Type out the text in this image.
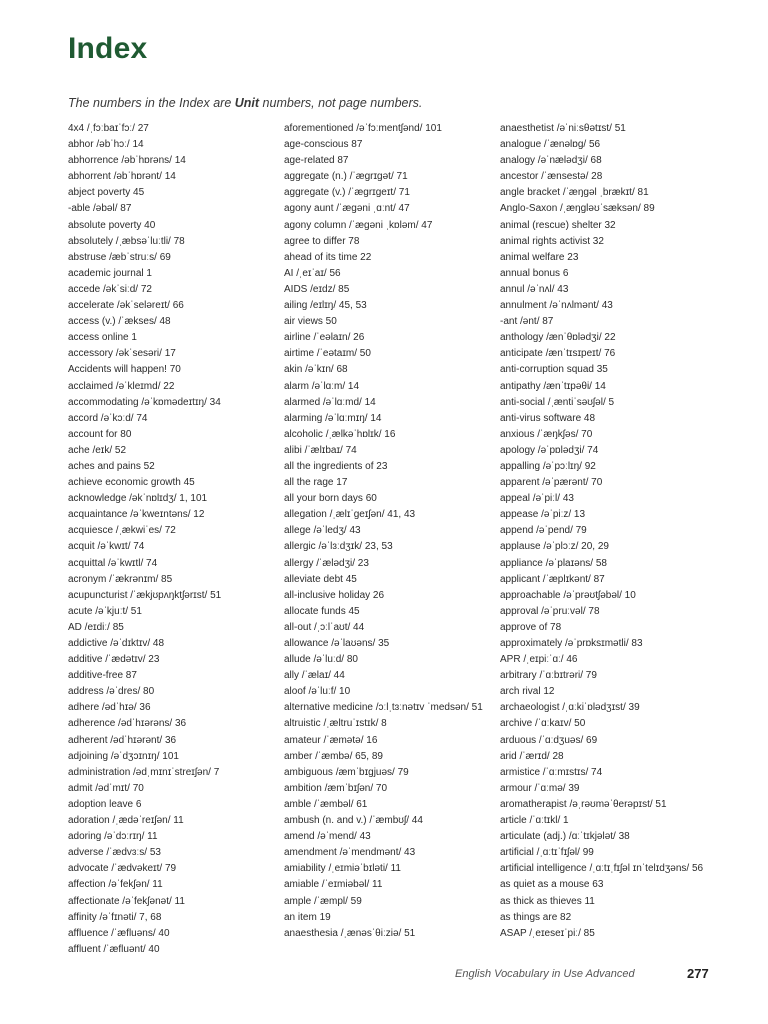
Index
The numbers in the Index are Unit numbers, not page numbers.
4x4 /ˌfɔːbaɪˈfɔː/ 27
abhor /əbˈhɔː/ 14
abhorrence /əbˈhɒrəns/ 14
abhorrent /əbˈhɒrənt/ 14
abject poverty 45
-able /əbəl/ 87
absolute poverty 40
absolutely /ˌæbsəˈluːtli/ 78
abstruse /æbˈstruːs/ 69
academic journal 1
accede /əkˈsiːd/ 72
accelerate /əkˈseləreɪt/ 66
access (v.) /ˈækses/ 48
access online 1
accessory /əkˈsesəri/ 17
Accidents will happen! 70
acclaimed /əˈkleɪmd/ 22
accommodating /əˈkɒmədeɪtɪŋ/ 34
accord /əˈkɔːd/ 74
account for 80
ache /eɪk/ 52
aches and pains 52
achieve economic growth 45
acknowledge /əkˈnɒlɪdʒ/ 1, 101
acquaintance /əˈkweɪntəns/ 12
acquiesce /ˌækwiˈes/ 72
acquit /əˈkwɪt/ 74
acquittal /əˈkwɪtl/ 74
acronym /ˈækrənɪm/ 85
acupuncturist /ˈækjʊpʌŋktʃərɪst/ 51
acute /əˈkjuːt/ 51
AD /eɪdiː/ 85
addictive /əˈdɪktɪv/ 48
additive /ˈædətɪv/ 23
additive-free 87
address /əˈdres/ 80
adhere /ədˈhɪə/ 36
adherence /ədˈhɪərəns/ 36
adherent /ədˈhɪərənt/ 36
adjoining /əˈdʒɔɪnɪŋ/ 101
administration /ədˌmɪnɪˈstreɪʃən/ 7
admit /ədˈmɪt/ 70
adoption leave 6
adoration /ˌædəˈreɪʃən/ 11
adoring /əˈdɔːrɪŋ/ 11
adverse /ˈædvɜːs/ 53
advocate /ˈædvəkeɪt/ 79
affection /əˈfekʃən/ 11
affectionate /əˈfekʃənət/ 11
affinity /əˈfɪnəti/ 7, 68
affluence /ˈæfluəns/ 40
affluent /ˈæfluənt/ 40
aforementioned /əˈfɔːmentʃənd/ 101
age-conscious 87
age-related 87
aggregate (n.) /ˈægrɪgət/ 71
aggregate (v.) /ˈægrɪgeɪt/ 71
agony aunt /ˈægəni ˌɑːnt/ 47
agony column /ˈægəni ˌkɒləm/ 47
agree to differ 78
ahead of its time 22
AI /ˌeɪˈaɪ/ 56
AIDS /eɪdz/ 85
ailing /eɪlɪŋ/ 45, 53
air views 50
airline /ˈeəlaɪn/ 26
airtime /ˈeətaɪm/ 50
akin /əˈkɪn/ 68
alarm /əˈlɑːm/ 14
alarmed /əˈlɑːmd/ 14
alarming /əˈlɑːmɪŋ/ 14
alcoholic /ˌælkəˈhɒlɪk/ 16
alibi /ˈælɪbaɪ/ 74
all the ingredients of 23
all the rage 17
all your born days 60
allegation /ˌælɪˈgeɪʃən/ 41, 43
allege /əˈledʒ/ 43
allergic /əˈlɜːdʒɪk/ 23, 53
allergy /ˈælədʒi/ 23
alleviate debt 45
all-inclusive holiday 26
allocate funds 45
all-out /ˌɔːlˈaʊt/ 44
allowance /əˈlaʊəns/ 35
allude /əˈluːd/ 80
ally /ˈælaɪ/ 44
aloof /əˈluːf/ 10
alternative medicine /ɔːlˌtɜːnətɪv ˈmedsən/ 51
altruistic /ˌæltruˈɪstɪk/ 8
amateur /ˈæmətə/ 16
amber /ˈæmbə/ 65, 89
ambiguous /æmˈbɪgjuəs/ 79
ambition /æmˈbɪʃən/ 70
amble /ˈæmbəl/ 61
ambush (n. and v.) /ˈæmbʊʃ/ 44
amend /əˈmend/ 43
amendment /əˈmendmənt/ 43
amiability /ˌeɪmiəˈbɪləti/ 11
amiable /ˈeɪmiəbəl/ 11
ample /ˈæmpl/ 59
an item 19
anaesthesia /ˌænəsˈθiːziə/ 51
anaesthetist /əˈniːsθətɪst/ 51
analogue /ˈænəlɒg/ 56
analogy /əˈnælədʒi/ 68
ancestor /ˈænsestə/ 28
angle bracket /ˈæŋgəl ˌbrækɪt/ 81
Anglo-Saxon /ˌæŋgləʊˈsæksən/ 89
animal (rescue) shelter 32
animal rights activist 32
animal welfare 23
annual bonus 6
annul /əˈnʌl/ 43
annulment /əˈnʌlmənt/ 43
-ant /ənt/ 87
anthology /ænˈθɒlədʒi/ 22
anticipate /ænˈtɪsɪpeɪt/ 76
anti-corruption squad 35
antipathy /ænˈtɪpəθi/ 14
anti-social /ˌæntiˈsəʊʃəl/ 5
anti-virus software 48
anxious /ˈæŋkʃəs/ 70
apology /əˈpɒlədʒi/ 74
appalling /əˈpɔːlɪŋ/ 92
apparent /əˈpærənt/ 70
appeal /əˈpiːl/ 43
appease /əˈpiːz/ 13
append /əˈpend/ 79
applause /əˈplɔːz/ 20, 29
appliance /əˈplaɪəns/ 58
applicant /ˈæplɪkənt/ 87
approachable /əˈprəʊtʃəbəl/ 10
approval /əˈpruːvəl/ 78
approve of 78
approximately /əˈprɒksɪmətli/ 83
APR /ˌeɪpiːˈɑː/ 46
arbitrary /ˈɑːbɪtrəri/ 79
arch rival 12
archaeologist /ˌɑːkiˈɒlədʒɪst/ 39
archive /ˈɑːkaɪv/ 50
arduous /ˈɑːdʒuəs/ 69
arid /ˈærɪd/ 28
armistice /ˈɑːmɪstɪs/ 74
armour /ˈɑːmə/ 39
aromatherapist /əˌrəʊməˈθerəpɪst/ 51
article /ˈɑːtɪkl/ 1
articulate (adj.) /ɑːˈtɪkjələt/ 38
artificial /ˌɑːtɪˈfɪʃəl/ 99
artificial intelligence /ˌɑːtɪˌfɪʃəl ɪnˈtelɪdʒəns/ 56
as quiet as a mouse 63
as thick as thieves 11
as things are 82
ASAP /ˌeɪeseɪˈpiː/ 85
English Vocabulary in Use Advanced	277
